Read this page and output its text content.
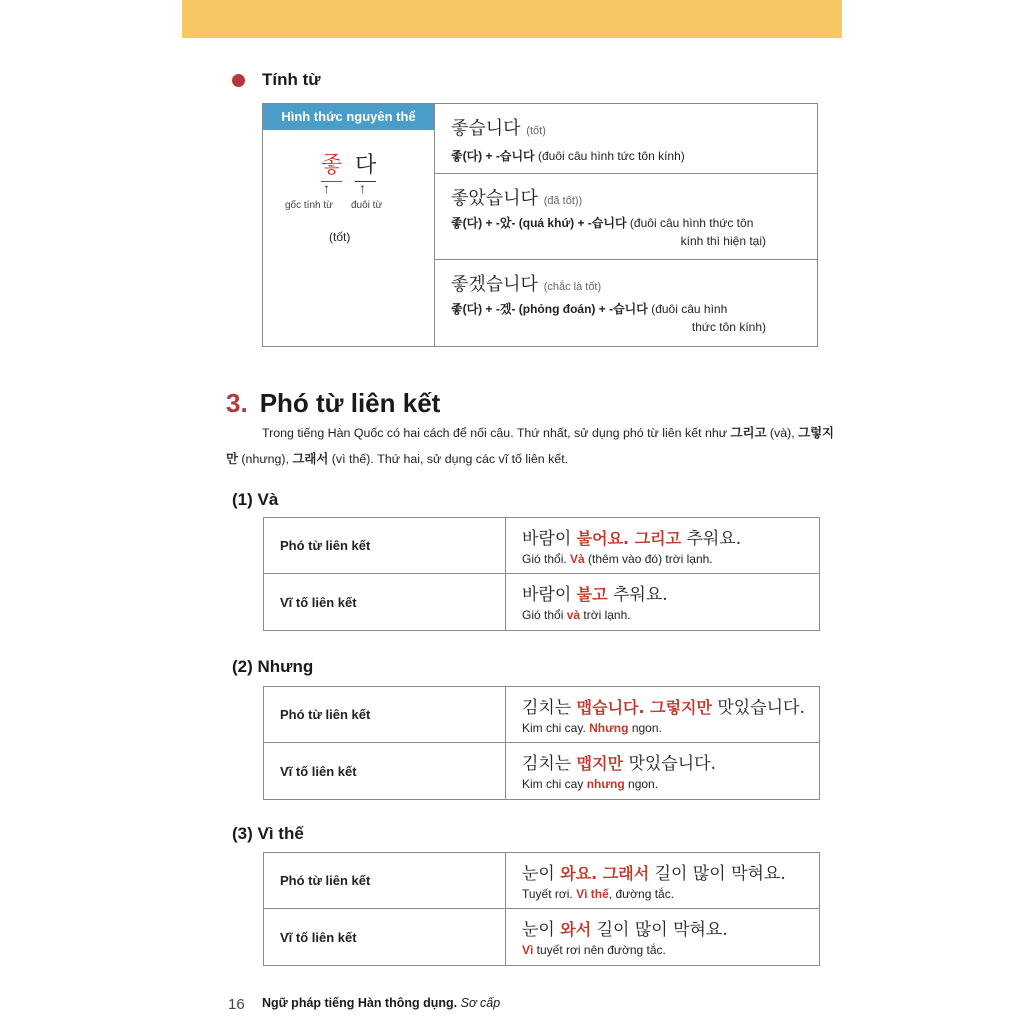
Tính từ
Hình thức nguyên thể
좋 다
↑ ↑
gốc tính từ đuôi từ
(tốt)
좋습니다 (tốt)
좋(다) + -습니다 (đuôi câu hình tức tôn kính)
좋았습니다 (đã tốt))
좋(다) + -았- (quá khứ) + -습니다 (đuôi câu hình thức tôn
kính thì hiện tại)
좋겠습니다 (chắc là tốt)
좋(다) + -겠- (phỏng đoán) + -습니다 (đuôi câu hình
thức tôn kính)
3. Phó từ liên kết
Trong tiếng Hàn Quốc có hai cách để nối câu. Thứ nhất, sử dụng phó từ liên kết như 그리고 (và), 그렇지만 (nhưng), 그래서 (vì thế). Thứ hai, sử dụng các vĩ tố liên kết.
(1) Và
Phó từ liên kết	바람이 불어요. 그리고 추워요.
Gió thổi. Và (thêm vào đó) trời lạnh.
Vĩ tố liên kết	바람이 불고 추워요.
Gió thổi và trời lạnh.
(2) Nhưng
Phó từ liên kết	김치는 맵습니다. 그렇지만 맛있습니다.
Kim chi cay. Nhưng ngon.
Vĩ tố liên kết	김치는 맵지만 맛있습니다.
Kim chi cay nhưng ngon.
(3) Vì thế
Phó từ liên kết	눈이 와요. 그래서 길이 많이 막혀요.
Tuyết rơi. Vì thế, đường tắc.
Vĩ tố liên kết	눈이 와서 길이 많이 막혀요.
Vì tuyết rơi nên đường tắc.
16 Ngữ pháp tiếng Hàn thông dụng. Sơ cấp
